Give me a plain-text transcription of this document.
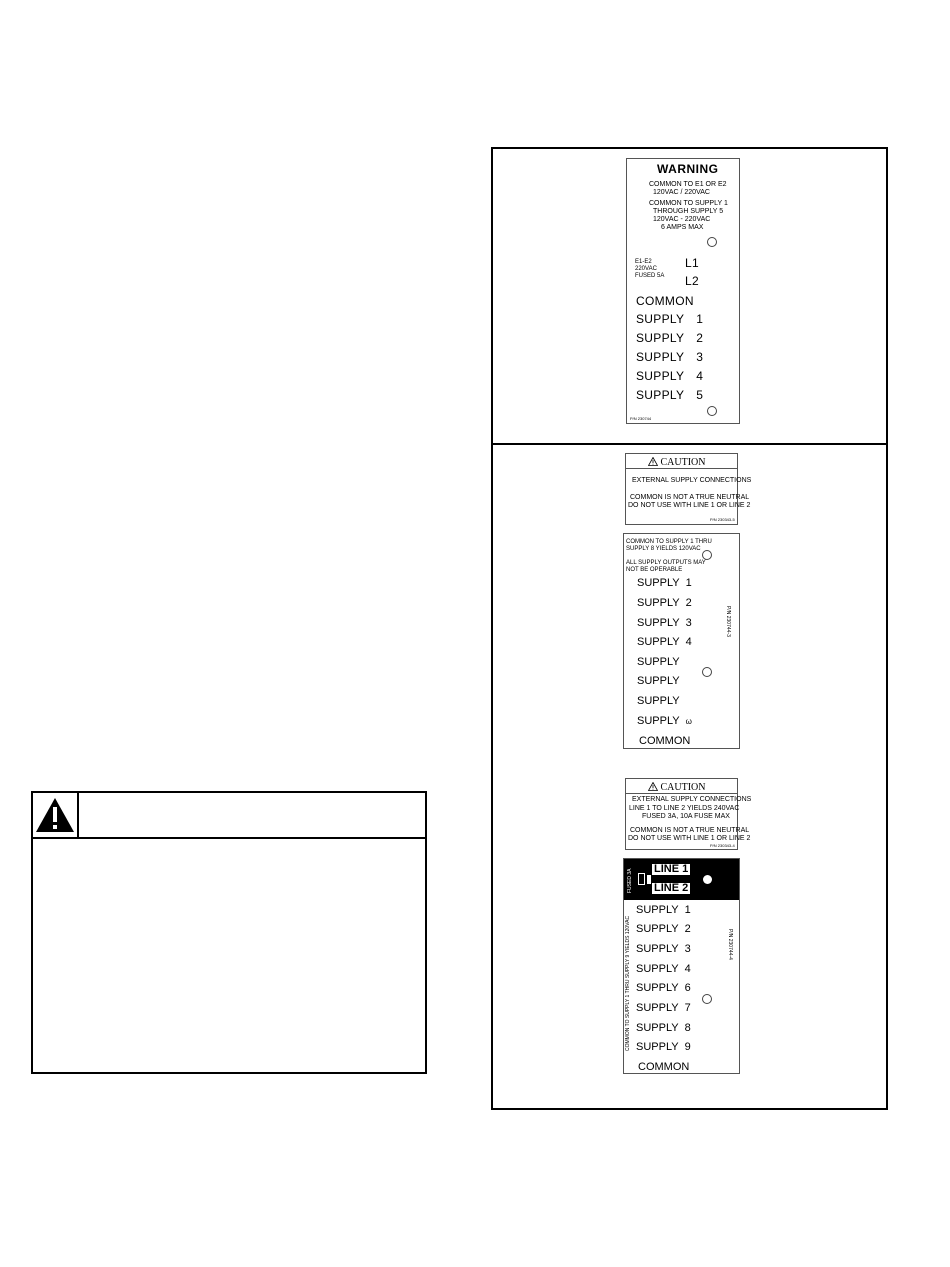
WARNING
COMMON TO E1 OR E2
120VAC / 220VAC
COMMON TO SUPPLY 1
THROUGH SUPPLY 5
120VAC - 220VAC
6 AMPS MAX
E1-E2
220VAC
FUSED 5A
L1
L2
COMMON
SUPPLY 1
SUPPLY 2
SUPPLY 3
SUPPLY 4
SUPPLY 5
P/N 230744
CAUTION
EXTERNAL SUPPLY CONNECTIONS
COMMON IS NOT A TRUE NEUTRAL
DO NOT USE WITH LINE 1 OR LINE 2
P/N 230343-5
COMMON TO SUPPLY 1 THRU
SUPPLY 8 YIELDS 120VAC
ALL SUPPLY OUTPUTS MAY
NOT BE OPERABLE
SUPPLY 1
SUPPLY 2
SUPPLY 3
SUPPLY 4
SUPPLY
SUPPLY
SUPPLY
SUPPLY ω
COMMON
P/N 230744-3
CAUTION
EXTERNAL SUPPLY CONNECTIONS
LINE 1 TO LINE 2 YIELDS 240VAC
FUSED 3A, 10A FUSE MAX
COMMON IS NOT A TRUE NEUTRAL
DO NOT USE WITH LINE 1 OR LINE 2
P/N 230343-4
FUSED 3A LINE 1
LINE 2
SUPPLY 1
SUPPLY 2
SUPPLY 3
SUPPLY 4
SUPPLY 6
SUPPLY 7
SUPPLY 8
SUPPLY 9
COMMON
COMMON TO SUPPLY 1 THRU SUPPLY 9 YIELDS 120VAC	P/N 230744-4
